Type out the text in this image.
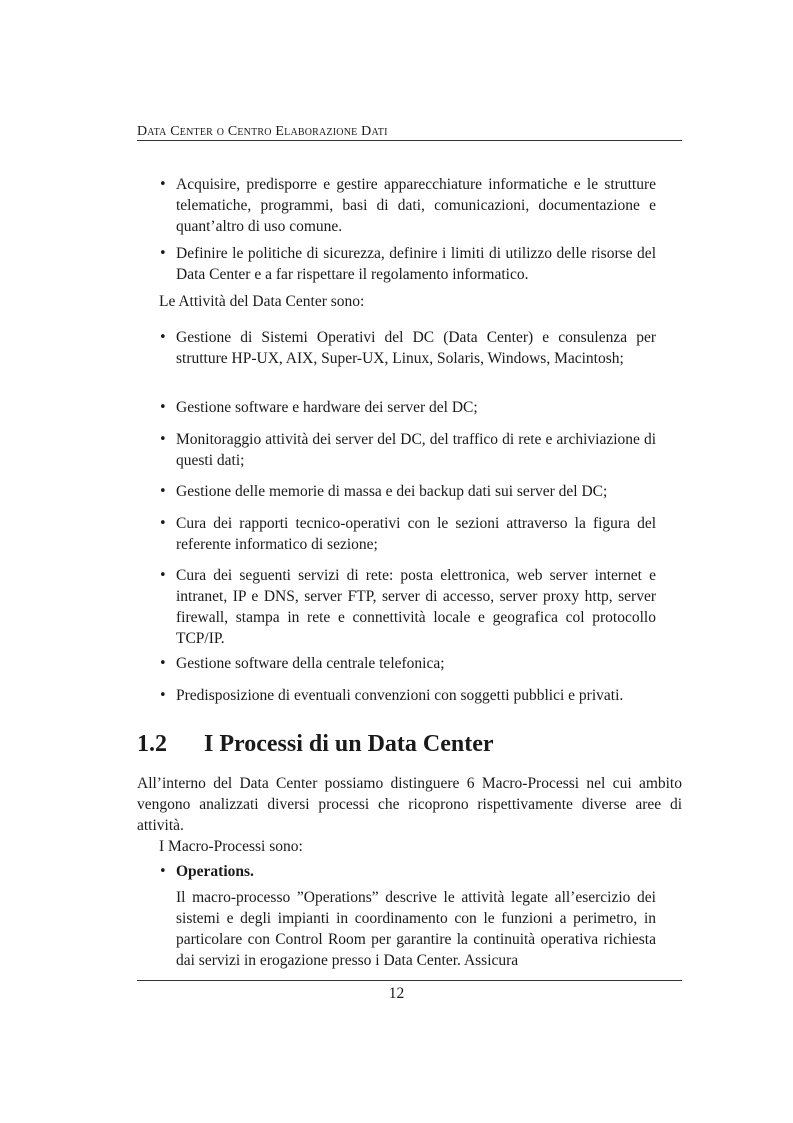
Data Center o Centro Elaborazione Dati
• Acquisire, predisporre e gestire apparecchiature informatiche e le strutture telematiche, programmi, basi di dati, comunicazioni, documentazione e quant’altro di uso comune.
• Definire le politiche di sicurezza, definire i limiti di utilizzo delle risorse del Data Center e a far rispettare il regolamento informatico.
Le Attività del Data Center sono:
• Gestione di Sistemi Operativi del DC (Data Center) e consulenza per strutture HP-UX, AIX, Super-UX, Linux, Solaris, Windows, Macintosh;
• Gestione software e hardware dei server del DC;
• Monitoraggio attività dei server del DC, del traffico di rete e archiviazione di questi dati;
• Gestione delle memorie di massa e dei backup dati sui server del DC;
• Cura dei rapporti tecnico-operativi con le sezioni attraverso la figura del referente informatico di sezione;
• Cura dei seguenti servizi di rete: posta elettronica, web server internet e intranet, IP e DNS, server FTP, server di accesso, server proxy http, server firewall, stampa in rete e connettività locale e geografica col protocollo TCP/IP.
• Gestione software della centrale telefonica;
• Predisposizione di eventuali convenzioni con soggetti pubblici e privati.
1.2 I Processi di un Data Center
All’interno del Data Center possiamo distinguere 6 Macro-Processi nel cui ambito vengono analizzati diversi processi che ricoprono rispettivamente diverse aree di attività.
I Macro-Processi sono:
• Operations.
Il macro-processo ”Operations” descrive le attività legate all’esercizio dei sistemi e degli impianti in coordinamento con le funzioni a perimetro, in particolare con Control Room per garantire la continuità operativa richiesta dai servizi in erogazione presso i Data Center. Assicura
12
